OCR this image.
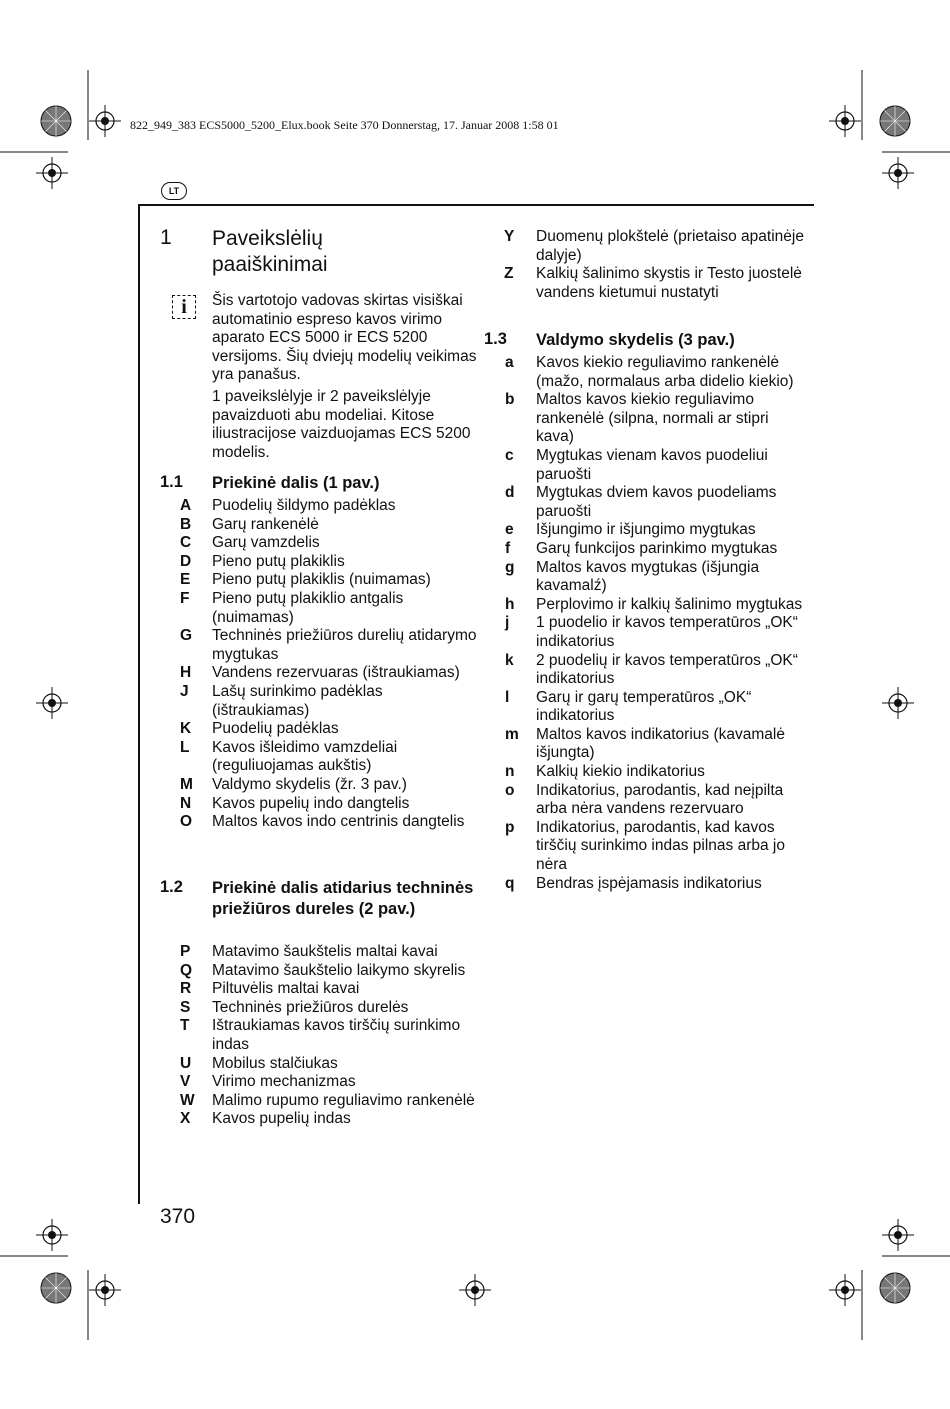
822_949_383 ECS5000_5200_Elux.book Seite 370 Donnerstag, 17. Januar 2008 1:58 01
LT
1 Paveikslėlių paaiškinimai
i	Šis vartotojo vadovas skirtas visiškai automatinio espreso kavos virimo aparato ECS 5000 ir ECS 5200 versijoms. Šių dviejų modelių veikimas yra panašus.
1 paveikslėlyje ir 2 paveikslėlyje pavaizduoti abu modeliai. Kitose iliustracijose vaizduojamas ECS 5200 modelis.
1.1 Priekinė dalis (1 pav.)
A Puodelių šildymo padėklas
B Garų rankenėlė
C Garų vamzdelis
D Pieno putų plakiklis
E Pieno putų plakiklis (nuimamas)
F Pieno putų plakiklio antgalis (nuimamas)
G Techninės priežiūros durelių atidarymo mygtukas
H Vandens rezervuaras (ištraukiamas)
J Lašų surinkimo padėklas (ištraukiamas)
K Puodelių padėklas
L Kavos išleidimo vamzdeliai (reguliuojamas aukštis)
M Valdymo skydelis (žr. 3 pav.)
N Kavos pupelių indo dangtelis
O Maltos kavos indo centrinis dangtelis
1.2 Priekinė dalis atidarius techninės priežiūros dureles (2 pav.)
P Matavimo šaukštelis maltai kavai
Q Matavimo šaukštelio laikymo skyrelis
R Piltuvėlis maltai kavai
S Techninės priežiūros durelės
T Ištraukiamas kavos tirščių surinkimo indas
U Mobilus stalčiukas
V Virimo mechanizmas
W Malimo rupumo reguliavimo rankenėlė
X Kavos pupelių indas
Y Duomenų plokštelė (prietaiso apatinėje dalyje)
Z Kalkių šalinimo skystis ir Testo juostelė vandens kietumui nustatyti
1.3 Valdymo skydelis (3 pav.)
a Kavos kiekio reguliavimo rankenėlė (mažo, normalaus arba didelio kiekio)
b Maltos kavos kiekio reguliavimo rankenėlė (silpna, normali ar stipri kava)
c Mygtukas vienam kavos puodeliui paruošti
d Mygtukas dviem kavos puodeliams paruošti
e Išjungimo ir išjungimo mygtukas
f Garų funkcijos parinkimo mygtukas
g Maltos kavos mygtukas (išjungia kavamalź)
h Perplovimo ir kalkių šalinimo mygtukas
j 1 puodelio ir kavos temperatūros „OK“ indikatorius
k 2 puodelių ir kavos temperatūros „OK“ indikatorius
l Garų ir garų temperatūros „OK“ indikatorius
m Maltos kavos indikatorius (kavamalė išjungta)
n Kalkių kiekio indikatorius
o Indikatorius, parodantis, kad neįpilta arba nėra vandens rezervuaro
p Indikatorius, parodantis, kad kavos tirščių surinkimo indas pilnas arba jo nėra
q Bendras įspėjamasis indikatorius
370
